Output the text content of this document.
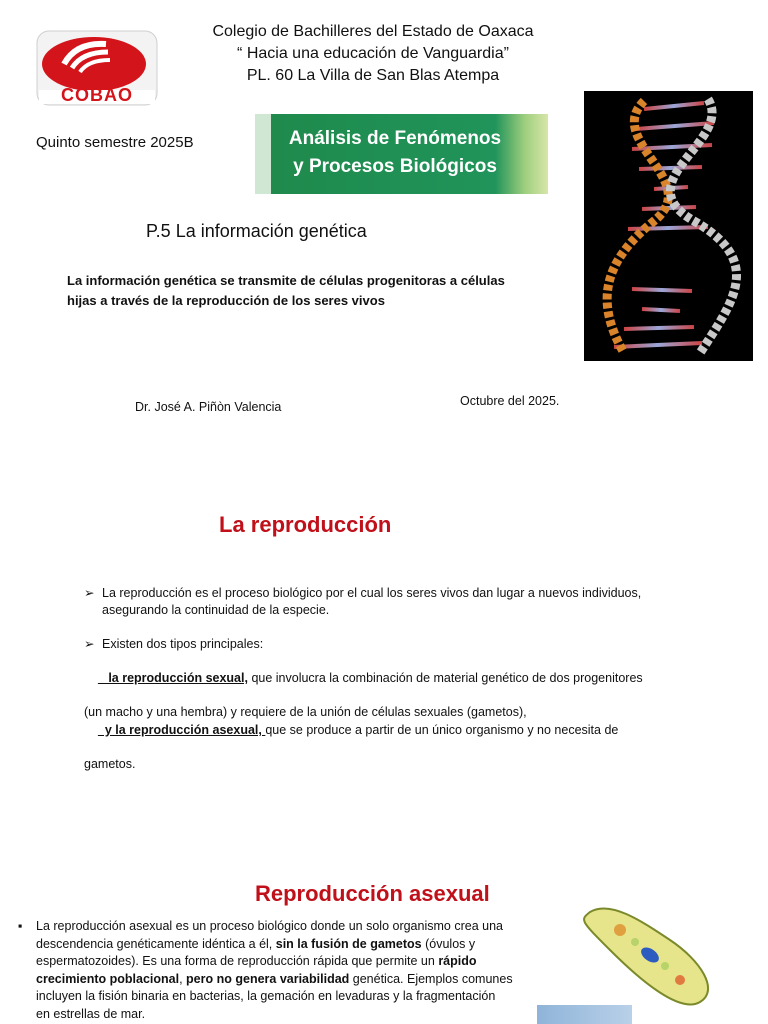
COBAO
Colegio de Bachilleres del Estado de Oaxaca
“ Hacia una educación de Vanguardia”
PL. 60 La Villa de San Blas Atempa
Quinto semestre 2025B	Análisis de Fenómenos
y Procesos Biológicos
P.5 La información genética
La información genética se transmite de células progenitoras a células
hijas a través de la reproducción de los seres vivos
Dr. José A. Piñòn Valencia	Octubre del 2025.
La reproducción
➢ La reproducción es el proceso biológico por el cual los seres vivos dan lugar a nuevos individuos,
asegurando la continuidad de la especie.
➢ Existen dos tipos principales:

la reproducción sexual, que involucra la combinación de material genético de dos progenitores

(un macho y una hembra) y requiere de la unión de células sexuales (gametos),

y la reproducción asexual, que se produce a partir de un único organismo y no necesita de

gametos.
Reproducción asexual
▪	La reproducción asexual es un proceso biológico donde un solo organismo crea una
descendencia genéticamente idéntica a él, sin la fusión de gametos (óvulos y
espermatozoides). Es una forma de reproducción rápida que permite un rápido
crecimiento poblacional, pero no genera variabilidad genética. Ejemplos comunes
incluyen la fisión binaria en bacterias, la gemación en levaduras y la fragmentación
en estrellas de mar.
